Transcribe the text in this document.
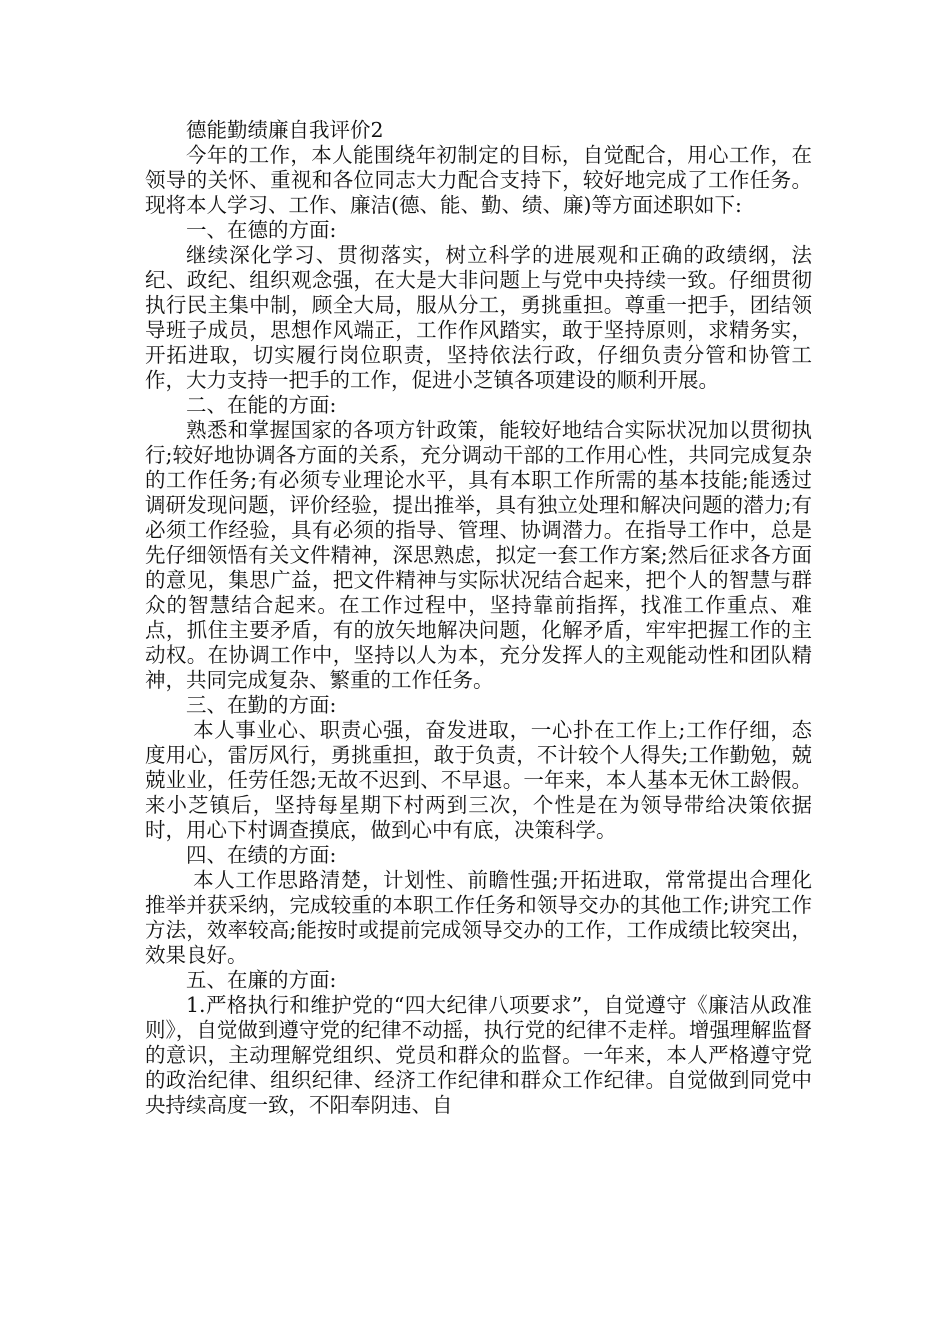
德能勤绩廉自我评价2

今年的工作，本人能围绕年初制定的目标，自觉配合，用心工作，在领导的关怀、重视和各位同志大力配合支持下，较好地完成了工作任务。现将本人学习、工作、廉洁(德、能、勤、绩、廉)等方面述职如下:

一、在德的方面:

继续深化学习、贯彻落实，树立科学的进展观和正确的政绩纲，法纪、政纪、组织观念强，在大是大非问题上与党中央持续一致。仔细贯彻执行民主集中制，顾全大局，服从分工，勇挑重担。尊重一把手，团结领导班子成员，思想作风端正，工作作风踏实，敢于坚持原则，求精务实，开拓进取，切实履行岗位职责，坚持依法行政，仔细负责分管和协管工作，大力支持一把手的工作，促进小芝镇各项建设的顺利开展。

二、在能的方面:

熟悉和掌握国家的各项方针政策，能较好地结合实际状况加以贯彻执行;较好地协调各方面的关系，充分调动干部的工作用心性，共同完成复杂的工作任务;有必须专业理论水平，具有本职工作所需的基本技能;能透过调研发现问题，评价经验，提出推举，具有独立处理和解决问题的潜力;有必须工作经验，具有必须的指导、管理、协调潜力。在指导工作中，总是先仔细领悟有关文件精神，深思熟虑，拟定一套工作方案;然后征求各方面的意见，集思广益，把文件精神与实际状况结合起来，把个人的智慧与群众的智慧结合起来。在工作过程中，坚持靠前指挥，找准工作重点、难点，抓住主要矛盾，有的放矢地解决问题，化解矛盾，牢牢把握工作的主动权。在协调工作中，坚持以人为本，充分发挥人的主观能动性和团队精神，共同完成复杂、繁重的工作任务。

三、在勤的方面:

本人事业心、职责心强，奋发进取，一心扑在工作上;工作仔细，态度用心，雷厉风行，勇挑重担，敢于负责，不计较个人得失;工作勤勉，兢兢业业，任劳任怨;无故不迟到、不早退。一年来，本人基本无休工龄假。来小芝镇后，坚持每星期下村两到三次，个性是在为领导带给决策依据时，用心下村调查摸底，做到心中有底，决策科学。

四、在绩的方面:

本人工作思路清楚，计划性、前瞻性强;开拓进取，常常提出合理化推举并获采纳，完成较重的本职工作任务和领导交办的其他工作;讲究工作方法，效率较高;能按时或提前完成领导交办的工作，工作成绩比较突出，效果良好。

五、在廉的方面:

1.严格执行和维护党的“四大纪律八项要求”，自觉遵守《廉洁从政准则》，自觉做到遵守党的纪律不动摇，执行党的纪律不走样。增强理解监督的意识，主动理解党组织、党员和群众的监督。一年来，本人严格遵守党的政治纪律、组织纪律、经济工作纪律和群众工作纪律。自觉做到同党中央持续高度一致，不阳奉阴违、自
